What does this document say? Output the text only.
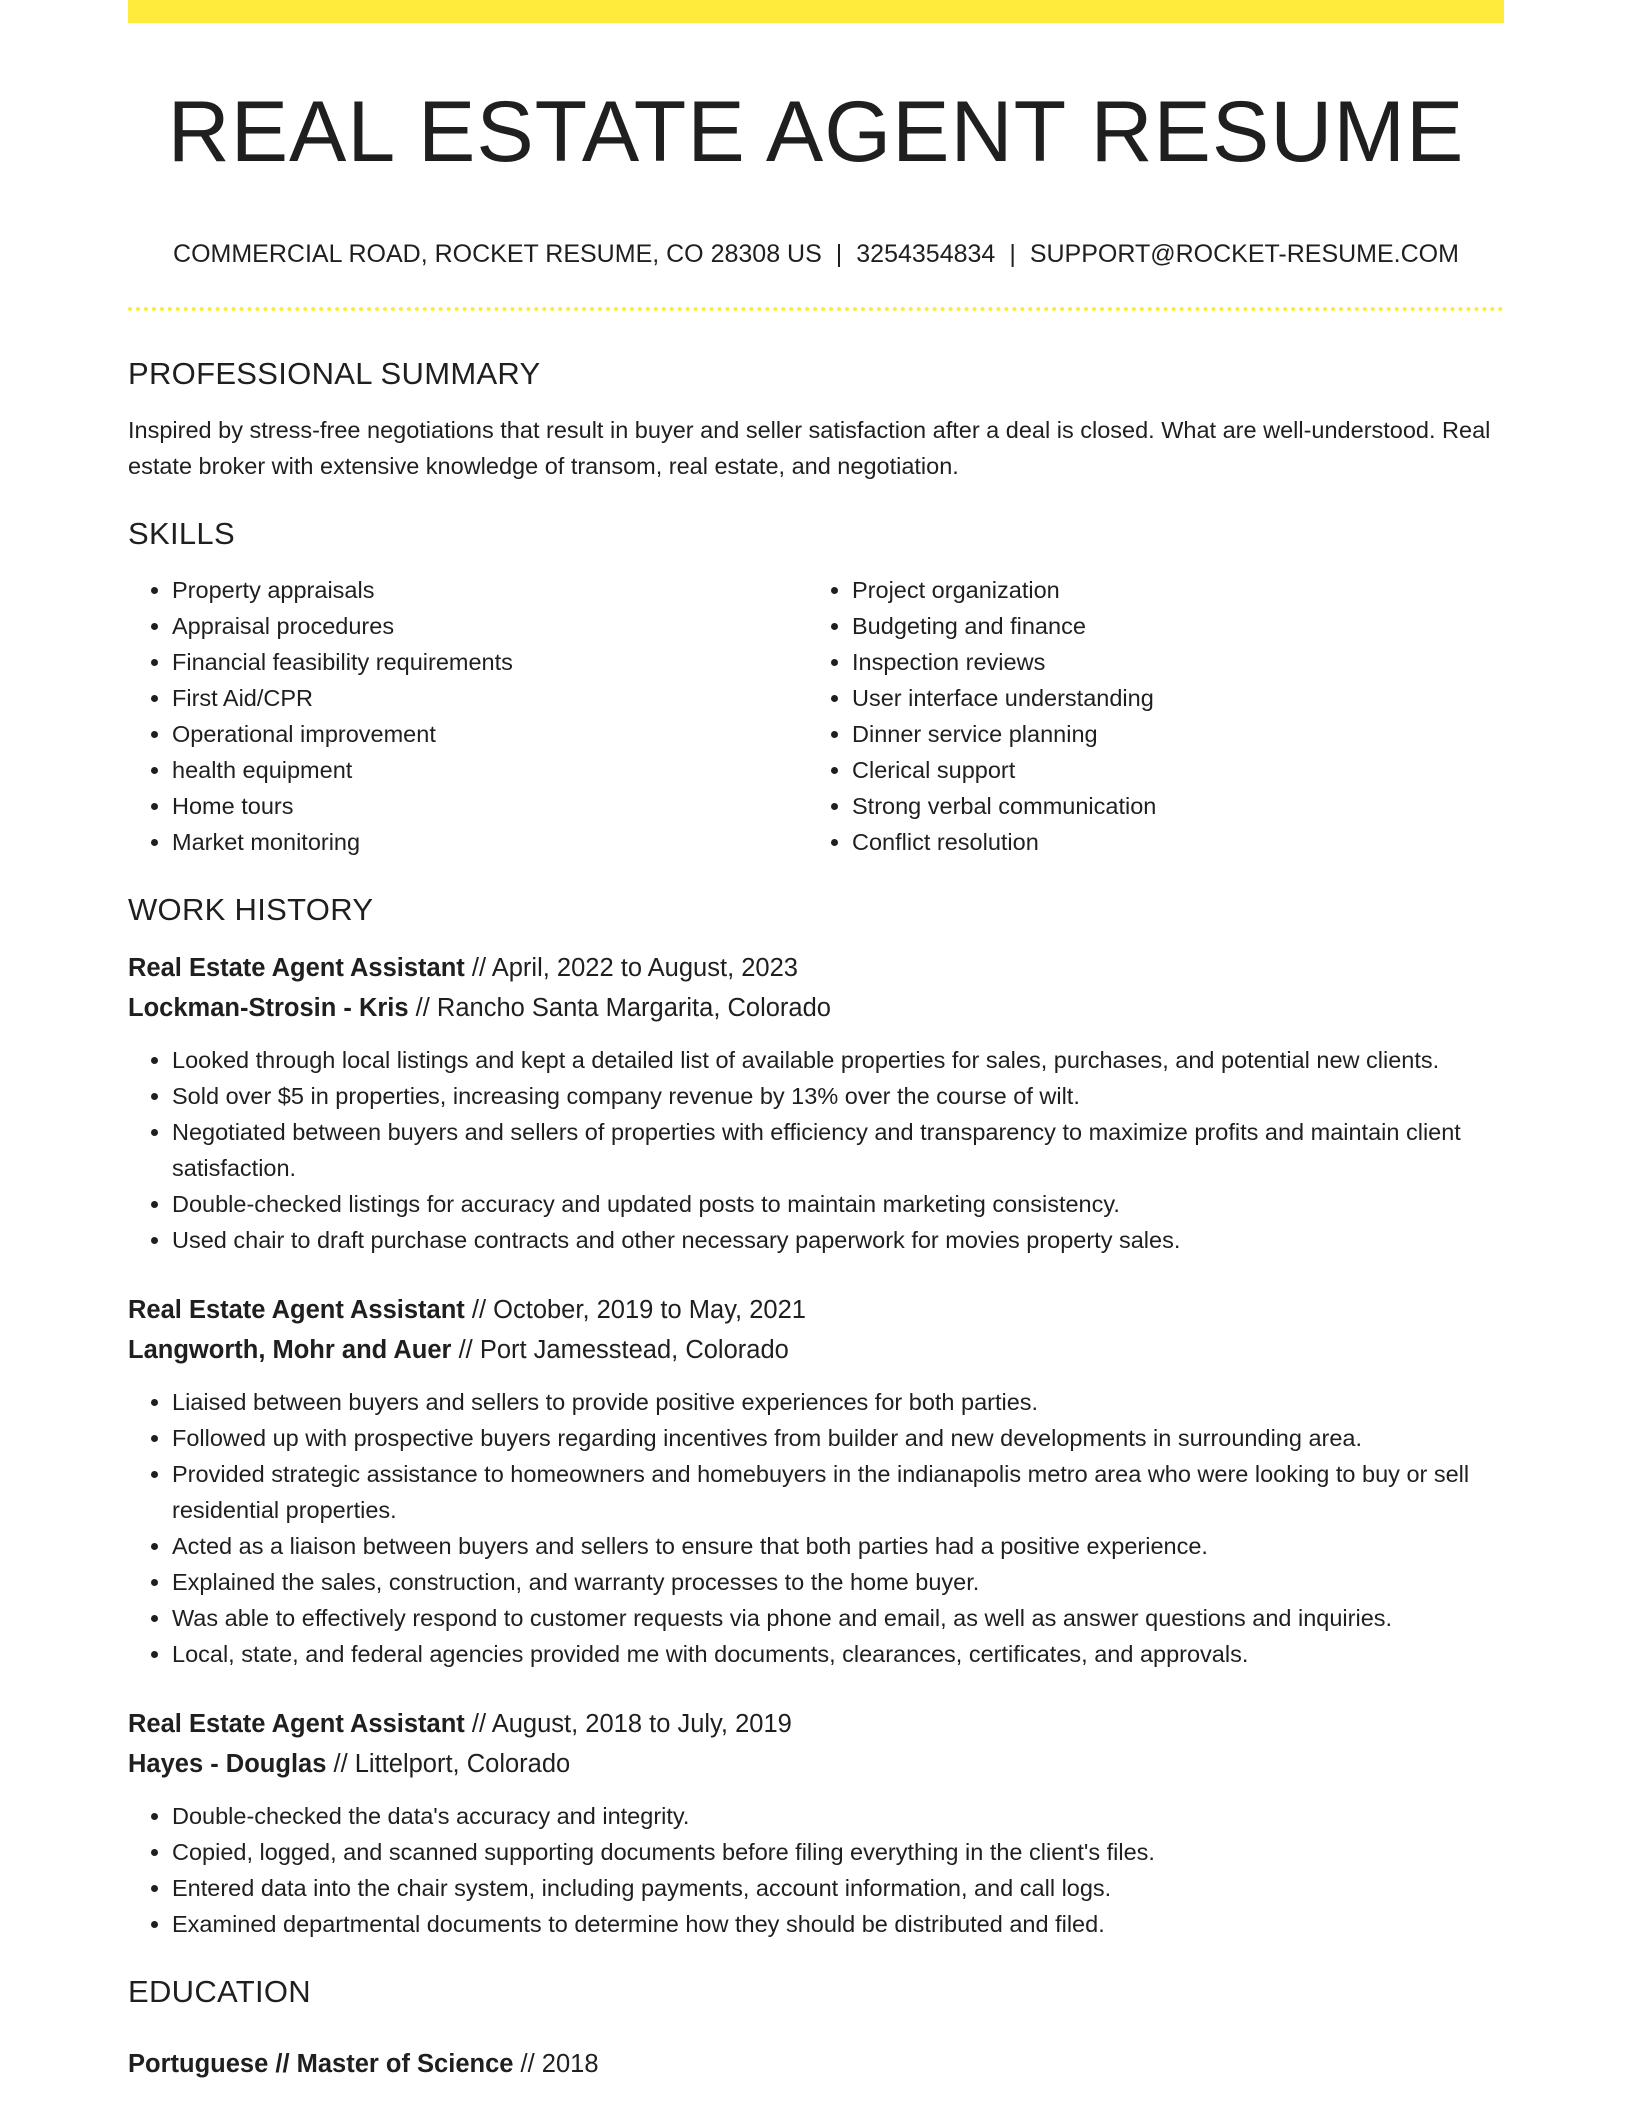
REAL ESTATE AGENT RESUME
COMMERCIAL ROAD, ROCKET RESUME, CO 28308 US | 3254354834 | SUPPORT@ROCKET-RESUME.COM
PROFESSIONAL SUMMARY

Inspired by stress-free negotiations that result in buyer and seller satisfaction after a deal is closed. What are well-understood. Real estate broker with extensive knowledge of transom, real estate, and negotiation.

SKILLS
• Property appraisals
• Appraisal procedures
• Financial feasibility requirements
• First Aid/CPR
• Operational improvement
• health equipment
• Home tours
• Market monitoring
• Project organization
• Budgeting and finance
• Inspection reviews
• User interface understanding
• Dinner service planning
• Clerical support
• Strong verbal communication
• Conflict resolution
WORK HISTORY
Real Estate Agent Assistant // April, 2022 to August, 2023
Lockman-Strosin - Kris // Rancho Santa Margarita, Colorado
• Looked through local listings and kept a detailed list of available properties for sales, purchases, and potential new clients.
• Sold over $5 in properties, increasing company revenue by 13% over the course of wilt.
• Negotiated between buyers and sellers of properties with efficiency and transparency to maximize profits and maintain client satisfaction.
• Double-checked listings for accuracy and updated posts to maintain marketing consistency.
• Used chair to draft purchase contracts and other necessary paperwork for movies property sales.
Real Estate Agent Assistant // October, 2019 to May, 2021
Langworth, Mohr and Auer // Port Jamesstead, Colorado
• Liaised between buyers and sellers to provide positive experiences for both parties.
• Followed up with prospective buyers regarding incentives from builder and new developments in surrounding area.
• Provided strategic assistance to homeowners and homebuyers in the indianapolis metro area who were looking to buy or sell residential properties.
• Acted as a liaison between buyers and sellers to ensure that both parties had a positive experience.
• Explained the sales, construction, and warranty processes to the home buyer.
• Was able to effectively respond to customer requests via phone and email, as well as answer questions and inquiries.
• Local, state, and federal agencies provided me with documents, clearances, certificates, and approvals.
Real Estate Agent Assistant // August, 2018 to July, 2019
Hayes - Douglas // Littelport, Colorado
• Double-checked the data's accuracy and integrity.
• Copied, logged, and scanned supporting documents before filing everything in the client's files.
• Entered data into the chair system, including payments, account information, and call logs.
• Examined departmental documents to determine how they should be distributed and filed.
EDUCATION
Portuguese // Master of Science // 2018
